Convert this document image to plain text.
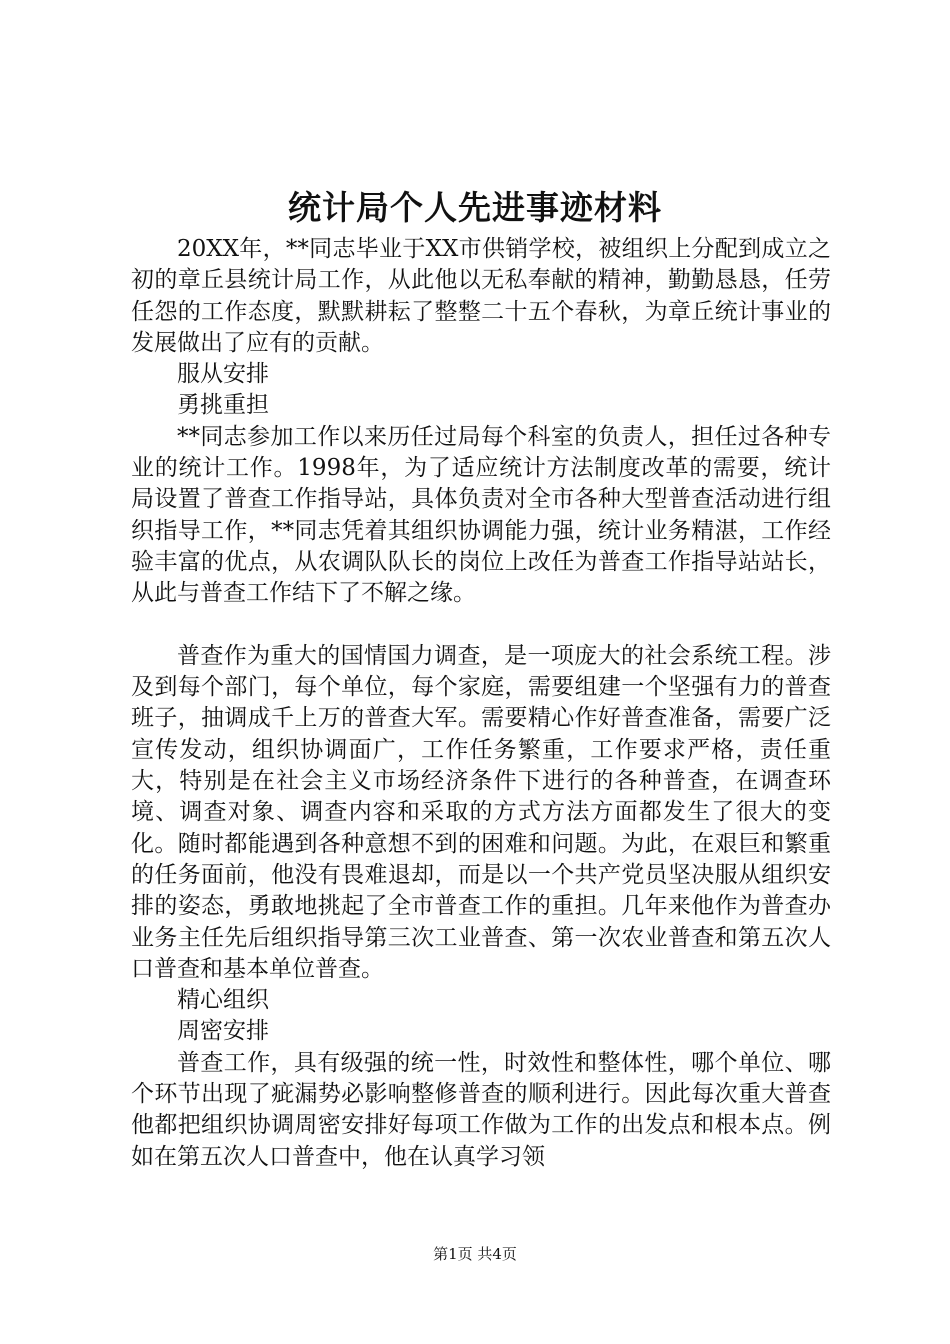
统计局个人先进事迹材料

20XX年，**同志毕业于XX市供销学校，被组织上分配到成立之初的章丘县统计局工作，从此他以无私奉献的精神，勤勤恳恳，任劳任怨的工作态度，默默耕耘了整整二十五个春秋，为章丘统计事业的发展做出了应有的贡献。

服从安排

勇挑重担

**同志参加工作以来历任过局每个科室的负责人，担任过各种专业的统计工作。1998年，为了适应统计方法制度改革的需要，统计局设置了普查工作指导站，具体负责对全市各种大型普查活动进行组织指导工作，**同志凭着其组织协调能力强，统计业务精湛，工作经验丰富的优点，从农调队队长的岗位上改任为普查工作指导站站长，从此与普查工作结下了不解之缘。

普查作为重大的国情国力调查，是一项庞大的社会系统工程。涉及到每个部门，每个单位，每个家庭，需要组建一个坚强有力的普查班子，抽调成千上万的普查大军。需要精心作好普查准备，需要广泛宣传发动，组织协调面广，工作任务繁重，工作要求严格，责任重大，特别是在社会主义市场经济条件下进行的各种普查，在调查环境、调查对象、调查内容和采取的方式方法方面都发生了很大的变化。随时都能遇到各种意想不到的困难和问题。为此，在艰巨和繁重的任务面前，他没有畏难退却，而是以一个共产党员坚决服从组织安排的姿态，勇敢地挑起了全市普查工作的重担。几年来他作为普查办业务主任先后组织指导第三次工业普查、第一次农业普查和第五次人口普查和基本单位普查。

精心组织

周密安排

普查工作，具有级强的统一性，时效性和整体性，哪个单位、哪个环节出现了疵漏势必影响整修普查的顺利进行。因此每次重大普查他都把组织协调周密安排好每项工作做为工作的出发点和根本点。例如在第五次人口普查中，他在认真学习领

第1页 共4页
